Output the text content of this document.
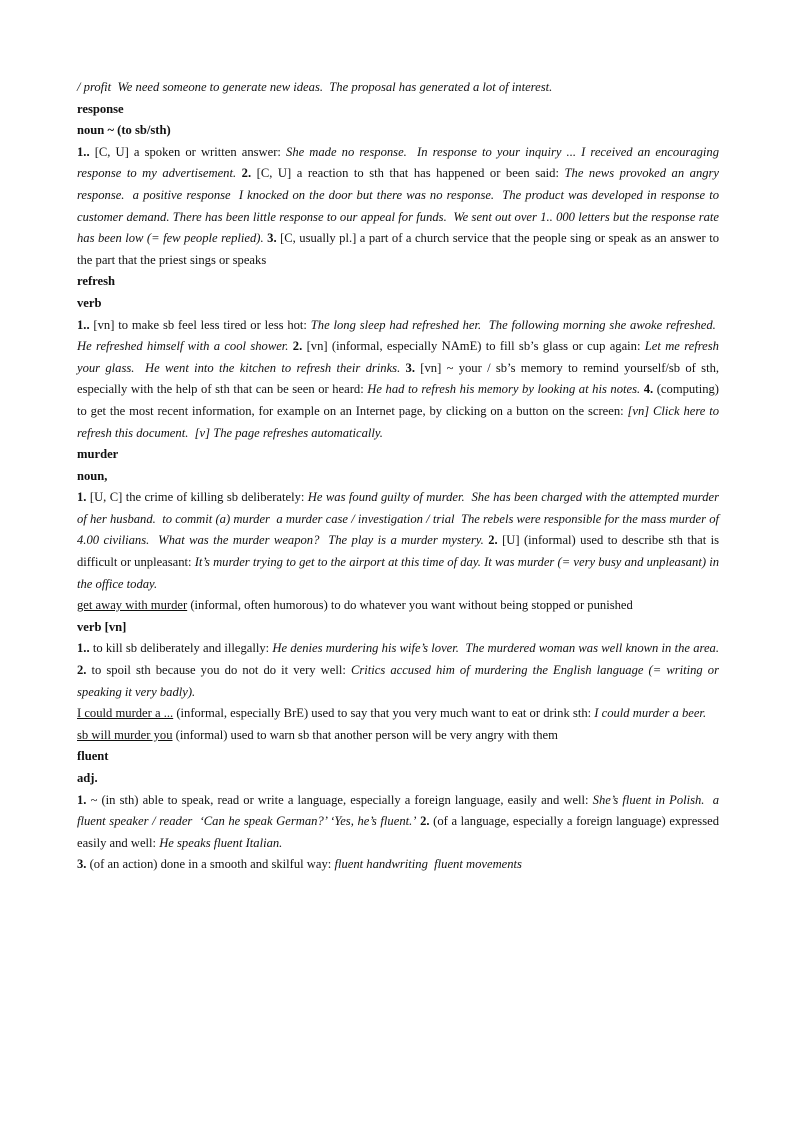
/ profit We need someone to generate new ideas. The proposal has generated a lot of interest.

response

noun ~ (to sb/sth)

1.. [C, U] a spoken or written answer: She made no response. In response to your inquiry ... I received an encouraging response to my advertisement. 2. [C, U] a reaction to sth that has happened or been said: The news provoked an angry response. a positive response I knocked on the door but there was no response. The product was developed in response to customer demand. There has been little response to our appeal for funds. We sent out over 1.. 000 letters but the response rate has been low (= few people replied). 3. [C, usually pl.] a part of a church service that the people sing or speak as an answer to the part that the priest sings or speaks

refresh

verb

1.. [vn] to make sb feel less tired or less hot: The long sleep had refreshed her. The following morning she awoke refreshed.  He refreshed himself with a cool shower. 2. [vn] (informal, especially NAmE) to fill sb’s glass or cup again: Let me refresh your glass. He went into the kitchen to refresh their drinks. 3. [vn] ~ your / sb’s memory to remind yourself/sb of sth, especially with the help of sth that can be seen or heard: He had to refresh his memory by looking at his notes. 4. (computing) to get the most recent information, for example on an Internet page, by clicking on a button on the screen: [vn] Click here to refresh this document. [v] The page refreshes automatically.

murder

noun,

1. [U, C] the crime of killing sb deliberately: He was found guilty of murder. She has been charged with the attempted murder of her husband. to commit (a) murder a murder case / investigation / trial The rebels were responsible for the mass murder of 4.00 civilians. What was the murder weapon? The play is a murder mystery. 2. [U] (informal) used to describe sth that is difficult or unpleasant: It’s murder trying to get to the airport at this time of day. It was murder (= very busy and unpleasant) in the office today.

get away with murder (informal, often humorous) to do whatever you want without being stopped or punished

verb [vn]

1.. to kill sb deliberately and illegally: He denies murdering his wife’s lover. The murdered woman was well known in the area. 2. to spoil sth because you do not do it very well: Critics accused him of murdering the English language (= writing or speaking it very badly).

I could murder a ... (informal, especially BrE) used to say that you very much want to eat or drink sth: I could murder a beer.

sb will murder you (informal) used to warn sb that another person will be very angry with them

fluent

adj.

1. ~ (in sth) able to speak, read or write a language, especially a foreign language, easily and well: She’s fluent in Polish. a fluent speaker / reader ‘Can he speak German?’ ‘Yes, he’s fluent.’ 2. (of a language, especially a foreign language) expressed easily and well: He speaks fluent Italian.

3. (of an action) done in a smooth and skilful way: fluent handwriting fluent movements
